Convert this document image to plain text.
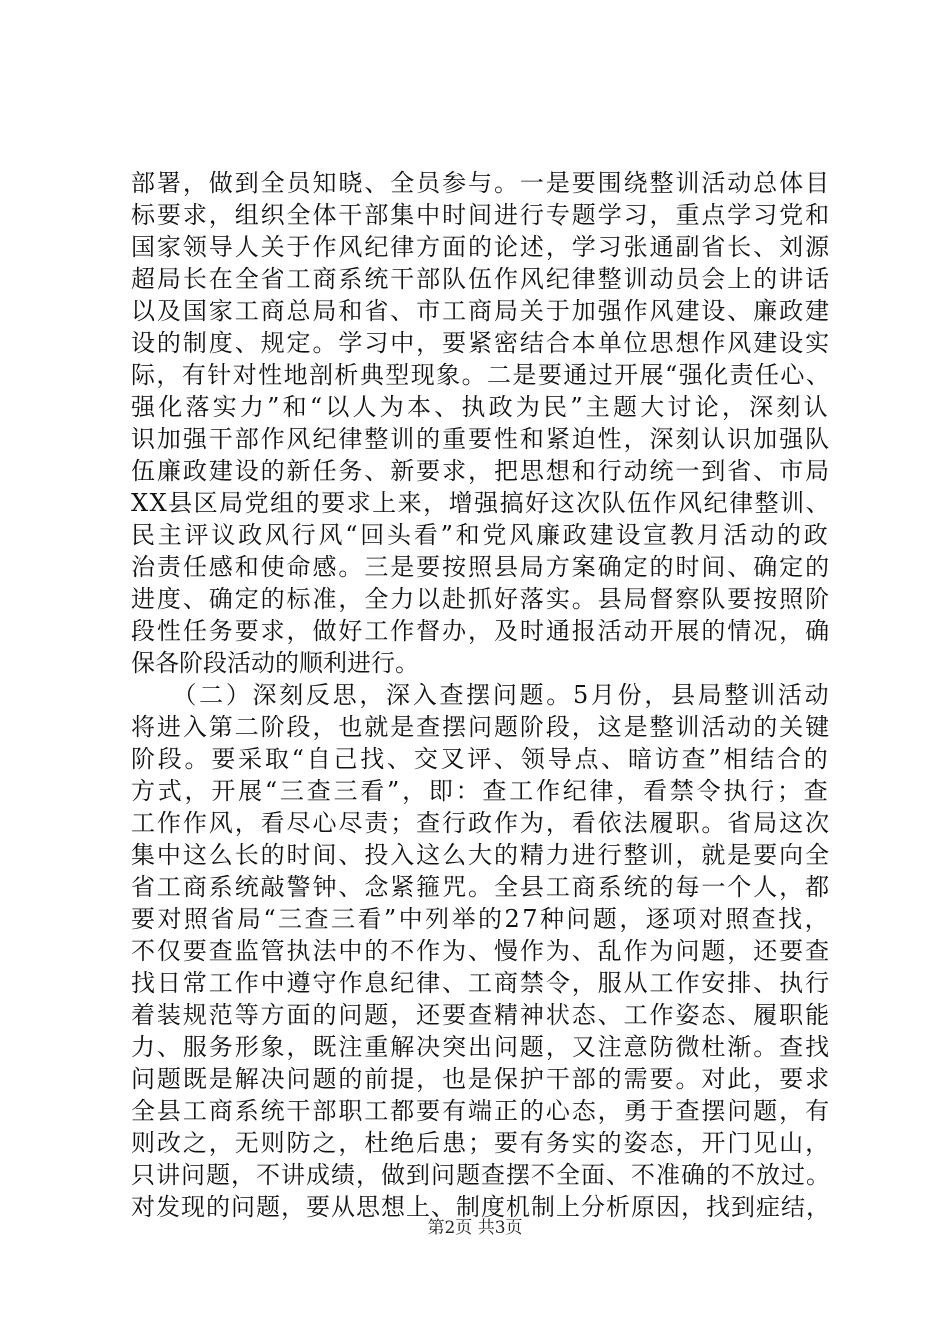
部署，做到全员知晓、全员参与。一是要围绕整训活动总体目
标要求，组织全体干部集中时间进行专题学习，重点学习党和
国家领导人关于作风纪律方面的论述，学习张通副省长、刘源
超局长在全省工商系统干部队伍作风纪律整训动员会上的讲话
以及国家工商总局和省、市工商局关于加强作风建设、廉政建
设的制度、规定。学习中，要紧密结合本单位思想作风建设实
际，有针对性地剖析典型现象。二是要通过开展“强化责任心、
强化落实力”和“以人为本、执政为民”主题大讨论，深刻认
识加强干部作风纪律整训的重要性和紧迫性，深刻认识加强队
伍廉政建设的新任务、新要求，把思想和行动统一到省、市局
XX县区局党组的要求上来，增强搞好这次队伍作风纪律整训、
民主评议政风行风“回头看”和党风廉政建设宣教月活动的政
治责任感和使命感。三是要按照县局方案确定的时间、确定的
进度、确定的标准，全力以赴抓好落实。县局督察队要按照阶
段性任务要求，做好工作督办，及时通报活动开展的情况，确
保各阶段活动的顺利进行。
　　（二）深刻反思，深入查摆问题。5月份，县局整训活动
将进入第二阶段，也就是查摆问题阶段，这是整训活动的关键
阶段。要采取“自己找、交叉评、领导点、暗访查”相结合的
方式，开展“三查三看”，即：查工作纪律，看禁令执行；查
工作作风，看尽心尽责；查行政作为，看依法履职。省局这次
集中这么长的时间、投入这么大的精力进行整训，就是要向全
省工商系统敲警钟、念紧箍咒。全县工商系统的每一个人，都
要对照省局“三查三看”中列举的27种问题，逐项对照查找，
不仅要查监管执法中的不作为、慢作为、乱作为问题，还要查
找日常工作中遵守作息纪律、工商禁令，服从工作安排、执行
着装规范等方面的问题，还要查精神状态、工作姿态、履职能
力、服务形象，既注重解决突出问题，又注意防微杜渐。查找
问题既是解决问题的前提，也是保护干部的需要。对此，要求
全县工商系统干部职工都要有端正的心态，勇于查摆问题，有
则改之，无则防之，杜绝后患；要有务实的姿态，开门见山，
只讲问题，不讲成绩，做到问题查摆不全面、不准确的不放过。
对发现的问题，要从思想上、制度机制上分析原因，找到症结，
第2页 共3页
